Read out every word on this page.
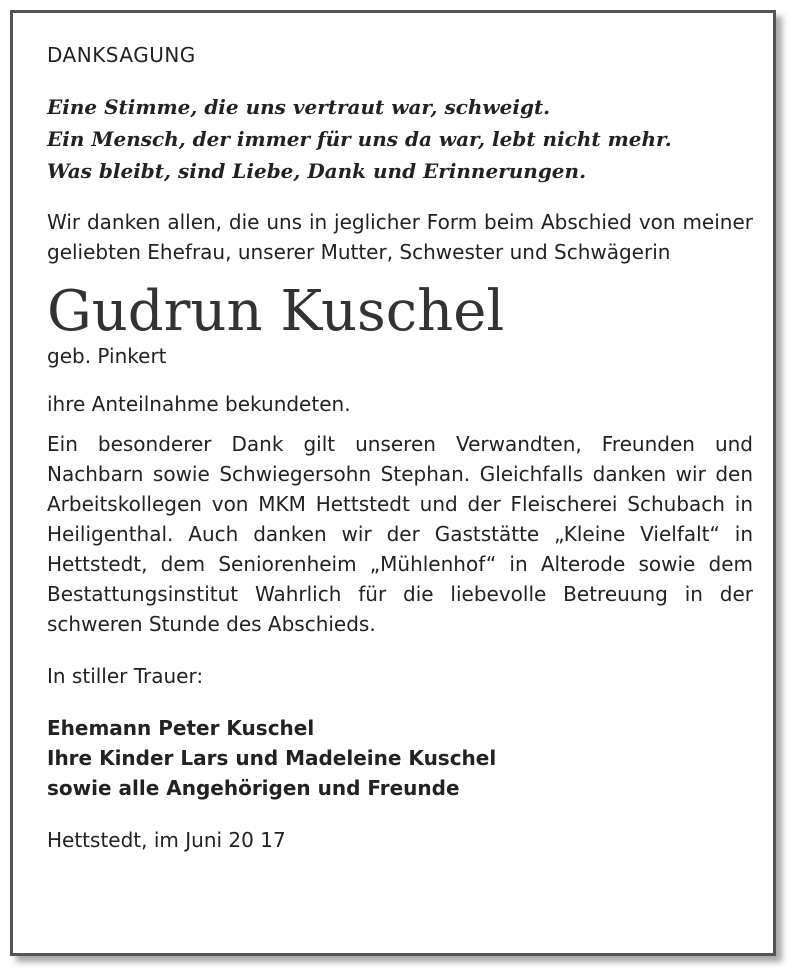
DANKSAGUNG
Eine Stimme, die uns vertraut war, schweigt.
Ein Mensch, der immer für uns da war, lebt nicht mehr.
Was bleibt, sind Liebe, Dank und Erinnerungen.

Wir danken allen, die uns in jeglicher Form beim Abschied von meiner geliebten Ehefrau, unserer Mutter, Schwester und Schwägerin

Gudrun Kuschel
geb. Pinkert

ihre Anteilnahme bekundeten.

Ein besonderer Dank gilt unseren Verwandten, Freunden und Nachbarn sowie Schwiegersohn Stephan. Gleichfalls danken wir den Arbeitskollegen von MKM Hettstedt und der Fleischerei Schubach in Heiligenthal. Auch danken wir der Gaststätte „Kleine Vielfalt“ in Hettstedt, dem Seniorenheim „Mühlenhof“ in Alterode sowie dem Bestattungsinstitut Wahrlich für die liebevolle Betreuung in der schweren Stunde des Abschieds.

In stiller Trauer:

Ehemann Peter Kuschel
Ihre Kinder Lars und Madeleine Kuschel
sowie alle Angehörigen und Freunde
Hettstedt, im Juni 20 17
